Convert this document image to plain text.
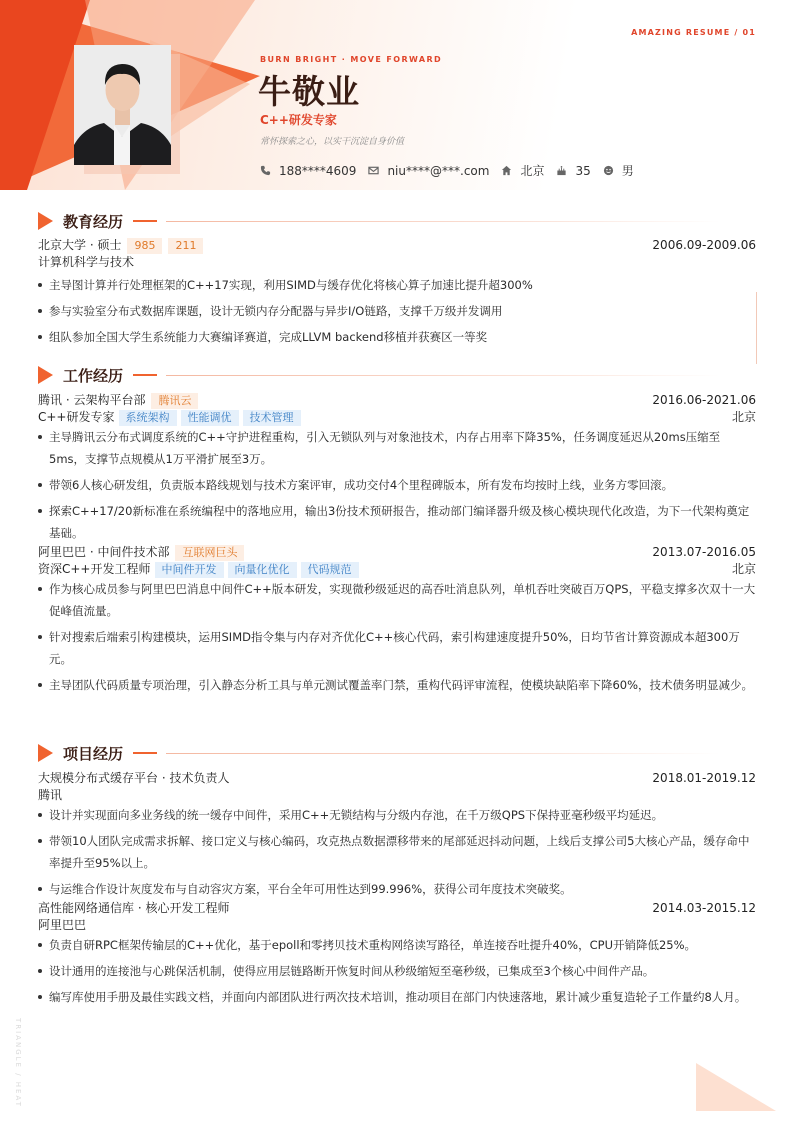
AMAZING RESUME / 01
BURN BRIGHT · MOVE FORWARD
牛敬业
C++研发专家
常怀探索之心，以实干沉淀自身价值
188****4609	niu****@***.com	北京	35	男
TRIANGLE / HEAT
教育经历
北京大学 · 硕士	985	211	2006.09-2009.06
计算机科学与技术
主导图计算并行处理框架的C++17实现，利用SIMD与缓存优化将核心算子加速比提升超300%
参与实验室分布式数据库课题，设计无锁内存分配器与异步I/O链路，支撑千万级并发调用
组队参加全国大学生系统能力大赛编译赛道，完成LLVM backend移植并获赛区一等奖
工作经历
腾讯 · 云架构平台部	腾讯云	2016.06-2021.06
C++研发专家	系统架构	性能调优	技术管理	北京
主导腾讯云分布式调度系统的C++守护进程重构，引入无锁队列与对象池技术，内存占用率下降35%，任务调度延迟从20ms压缩至5ms，支撑节点规模从1万平滑扩展至3万。
带领6人核心研发组，负责版本路线规划与技术方案评审，成功交付4个里程碑版本，所有发布均按时上线，业务方零回滚。
探索C++17/20新标准在系统编程中的落地应用，输出3份技术预研报告，推动部门编译器升级及核心模块现代化改造，为下一代架构奠定基础。
阿里巴巴 · 中间件技术部	互联网巨头	2013.07-2016.05
资深C++开发工程师	中间件开发	向量化优化	代码规范	北京
作为核心成员参与阿里巴巴消息中间件C++版本研发，实现微秒级延迟的高吞吐消息队列，单机吞吐突破百万QPS，平稳支撑多次双十一大促峰值流量。
针对搜索后端索引构建模块，运用SIMD指令集与内存对齐优化C++核心代码，索引构建速度提升50%，日均节省计算资源成本超300万元。
主导团队代码质量专项治理，引入静态分析工具与单元测试覆盖率门禁，重构代码评审流程，使模块缺陷率下降60%，技术债务明显减少。
项目经历
大规模分布式缓存平台 · 技术负责人	2018.01-2019.12
腾讯
设计并实现面向多业务线的统一缓存中间件，采用C++无锁结构与分级内存池，在千万级QPS下保持亚毫秒级平均延迟。
带领10人团队完成需求拆解、接口定义与核心编码，攻克热点数据漂移带来的尾部延迟抖动问题，上线后支撑公司5大核心产品，缓存命中率提升至95%以上。
与运维合作设计灰度发布与自动容灾方案，平台全年可用性达到99.996%，获得公司年度技术突破奖。
高性能网络通信库 · 核心开发工程师	2014.03-2015.12
阿里巴巴
负责自研RPC框架传输层的C++优化，基于epoll和零拷贝技术重构网络读写路径，单连接吞吐提升40%，CPU开销降低25%。
设计通用的连接池与心跳保活机制，使得应用层链路断开恢复时间从秒级缩短至毫秒级，已集成至3个核心中间件产品。
编写库使用手册及最佳实践文档，并面向内部团队进行两次技术培训，推动项目在部门内快速落地，累计减少重复造轮子工作量约8人月。
